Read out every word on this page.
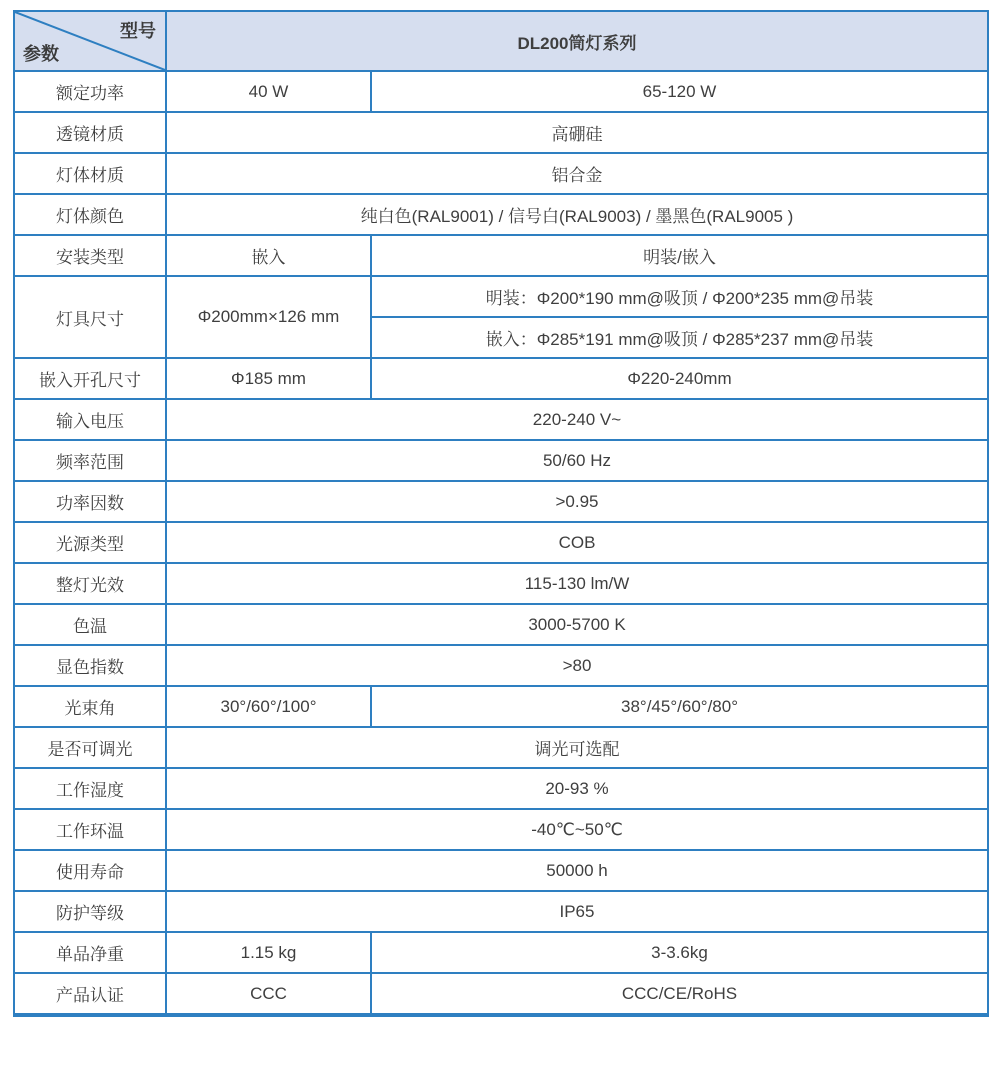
型号
参数	DL200筒灯系列	
额定功率	40 W	65-120 W
透镜材质	高硼硅	
灯体材质	铝合金	
灯体颜色	纯白色(RAL9001) / 信号白(RAL9003) / 墨黑色(RAL9005 )	
安装类型	嵌入	明装/嵌入
灯具尺寸	Φ200mm×126 mm	明装：Φ200*190 mm@吸顶 / Φ200*235 mm@吊装
		嵌入：Φ285*191 mm@吸顶 / Φ285*237 mm@吊装
嵌入开孔尺寸	Φ185 mm	Φ220-240mm
输入电压	220-240 V~	
频率范围	50/60 Hz	
功率因数	>0.95	
光源类型	COB	
整灯光效	115-130 lm/W	
色温	3000-5700 K	
显色指数	>80	
光束角	30°/60°/100°	38°/45°/60°/80°
是否可调光	调光可选配	
工作湿度	20-93 %	
工作环温	-40℃~50℃	
使用寿命	50000 h	
防护等级	IP65	
单品净重	1.15 kg	3-3.6kg
产品认证	CCC	CCC/CE/RoHS
